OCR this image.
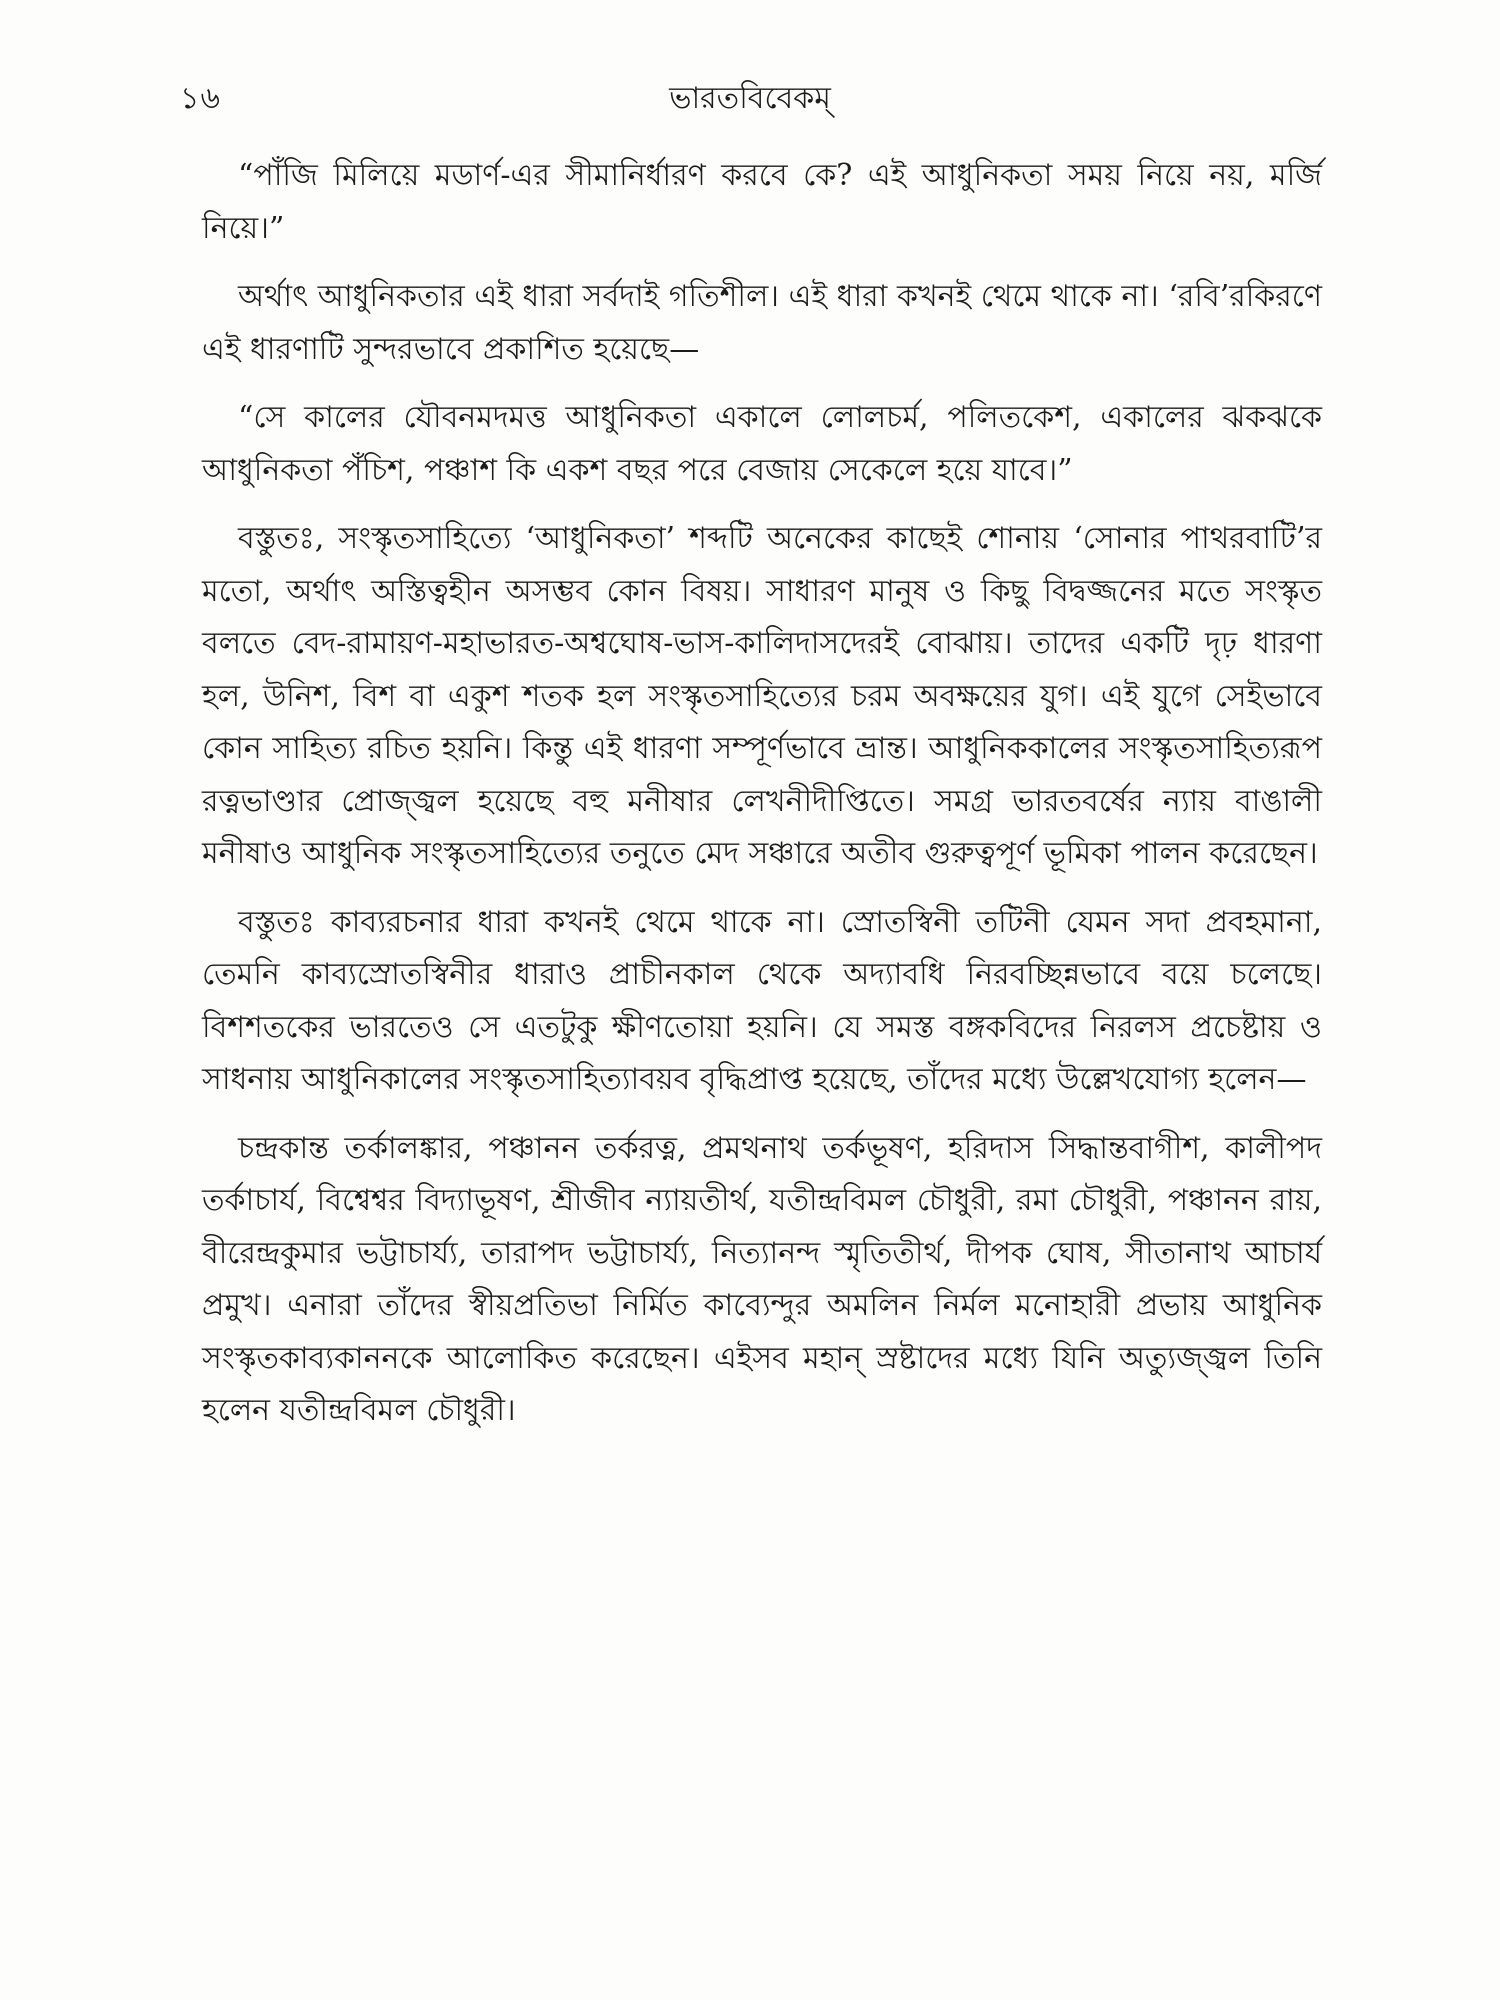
১৬	ভারতবিবেকম্

“পাঁজি মিলিয়ে মডার্ণ-এর সীমানির্ধারণ করবে কে? এই আধুনিকতা সময় নিয়ে নয়, মর্জি নিয়ে।”

অর্থাৎ আধুনিকতার এই ধারা সর্বদাই গতিশীল। এই ধারা কখনই থেমে থাকে না। ‘রবি’রকিরণে এই ধারণাটি সুন্দরভাবে প্রকাশিত হয়েছে—

“সে কালের যৌবনমদমত্ত আধুনিকতা একালে লোলচর্ম, পলিতকেশ, একালের ঝকঝকে আধুনিকতা পঁচিশ, পঞ্চাশ কি একশ বছর পরে বেজায় সেকেলে হয়ে যাবে।”

বস্তুতঃ, সংস্কৃতসাহিত্যে ‘আধুনিকতা’ শব্দটি অনেকের কাছেই শোনায় ‘সোনার পাথরবাটি’র মতো, অর্থাৎ অস্তিত্বহীন অসম্ভব কোন বিষয়। সাধারণ মানুষ ও কিছু বিদ্বজ্জনের মতে সংস্কৃত বলতে বেদ-রামায়ণ-মহাভারত-অশ্বঘোষ-ভাস-কালিদাসদেরই বোঝায়। তাদের একটি দৃঢ় ধারণা হল, উনিশ, বিশ বা একুশ শতক হল সংস্কৃতসাহিত্যের চরম অবক্ষয়ের যুগ। এই যুগে সেইভাবে কোন সাহিত্য রচিত হয়নি। কিন্তু এই ধারণা সম্পূর্ণভাবে ভ্রান্ত। আধুনিককালের সংস্কৃতসাহিত্যরূপ রত্নভাণ্ডার প্রোজ্জ্বল হয়েছে বহু মনীষার লেখনীদীপ্তিতে। সমগ্র ভারতবর্ষের ন্যায় বাঙালী মনীষাও আধুনিক সংস্কৃতসাহিত্যের তনুতে মেদ সঞ্চারে অতীব গুরুত্বপূর্ণ ভূমিকা পালন করেছেন।

বস্তুতঃ কাব্যরচনার ধারা কখনই থেমে থাকে না। স্রোতস্বিনী তটিনী যেমন সদা প্রবহমানা, তেমনি কাব্যস্রোতস্বিনীর ধারাও প্রাচীনকাল থেকে অদ্যাবধি নিরবচ্ছিন্নভাবে বয়ে চলেছে। বিশশতকের ভারতেও সে এতটুকু ক্ষীণতোয়া হয়নি। যে সমস্ত বঙ্গকবিদের নিরলস প্রচেষ্টায় ও সাধনায় আধুনিকালের সংস্কৃতসাহিত্যাবয়ব বৃদ্ধিপ্রাপ্ত হয়েছে, তাঁদের মধ্যে উল্লেখযোগ্য হলেন—

চন্দ্রকান্ত তর্কালঙ্কার, পঞ্চানন তর্করত্ন, প্রমথনাথ তর্কভূষণ, হরিদাস সিদ্ধান্তবাগীশ, কালীপদ তর্কাচার্য, বিশ্বেশ্বর বিদ্যাভূষণ, শ্রীজীব ন্যায়তীর্থ, যতীন্দ্রবিমল চৌধুরী, রমা চৌধুরী, পঞ্চানন রায়, বীরেন্দ্রকুমার ভট্টাচার্য্য, তারাপদ ভট্টাচার্য্য, নিত্যানন্দ স্মৃতিতীর্থ, দীপক ঘোষ, সীতানাথ আচার্য প্রমুখ। এনারা তাঁদের স্বীয়প্রতিভা নির্মিত কাব্যেন্দুর অমলিন নির্মল মনোহারী প্রভায় আধুনিক সংস্কৃতকাব্যকাননকে আলোকিত করেছেন। এইসব মহান্ স্রষ্টাদের মধ্যে যিনি অত্যুজ্জ্বল তিনি হলেন যতীন্দ্রবিমল চৌধুরী।
